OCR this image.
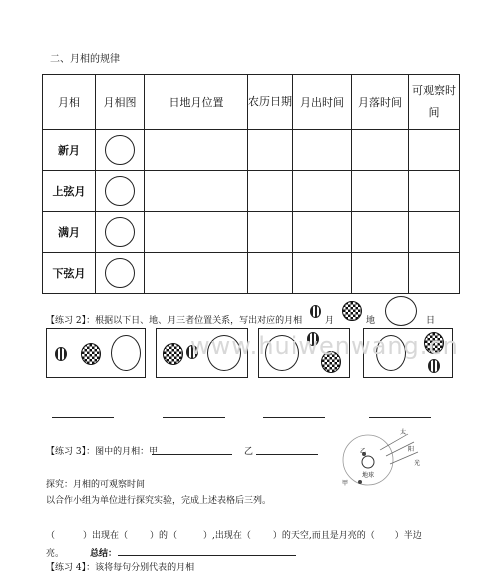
二、月相的规律
月相	月相图	日地月位置	农历日期	月出时间	月落时间	可观察时间
新月	

上弦月	

满月	

下弦月	

【练习 2】：根据以下日、地、月三者位置关系，写出对应的月相	月	地	日
www.huiwenwang.cn
【练习 3】：图中的月相：甲	乙
太
阳
光
乙
地球
甲
探究：月相的可观察时间
以合作小组为单位进行探究实验，完成上述表格后三列。
（	）出现在（ ）的（	）,出现在（ ）的天空,而且是月亮的（ ）半边
亮。	总结：
【练习 4】：该将每句分别代表的月相
